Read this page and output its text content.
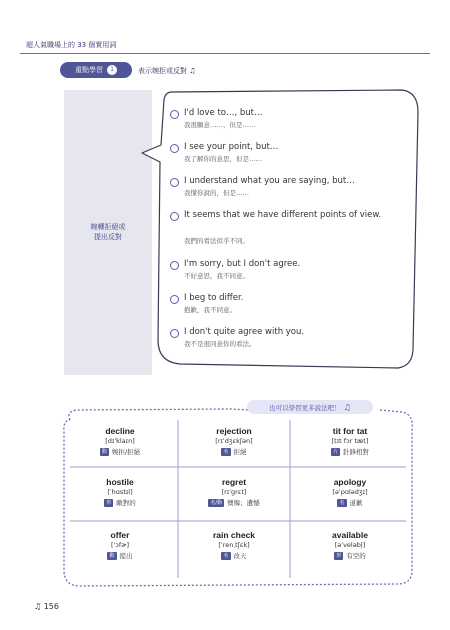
超人氣職場上的 33 個實用詞
重點學習	1	表示婉拒或反對 ♫
婉轉拒絕或
提出反對
I'd love to…, but…
我很願意……，但是……
I see your point, but…
我了解你的意思，但是……
I understand what you are saying, but…
我懂你說的，但是……
It seems that we have different points of view.
我們的看法似乎不同。
I'm sorry, but I don't agree.
不好意思，我不同意。
I beg to differ.
抱歉，我不同意。
I don't quite agree with you.
我不是很同意你的看法。
也可以學習更多說法吧！ ♫
decline
[dɪˈklaɪn]
動 婉拒/拒絕
rejection
[rɪˈdʒɛkʃən]
名 拒絕
tit for tat
[tɪt fɔr tæt]
片 針鋒相對
hostile
[ˈhɑstɪl]
形 敵對的
regret
[rɪˈgrɛt]
名/動 懊悔；遺憾
apology
[əˈpɑlədʒɪ]
名 道歉
offer
[ˈɔfɚ]
動 提出
rain check
[ˈrenˌtʃɛk]
名 改天
available
[əˈveləbl̩]
形 有空的
♫ 156
